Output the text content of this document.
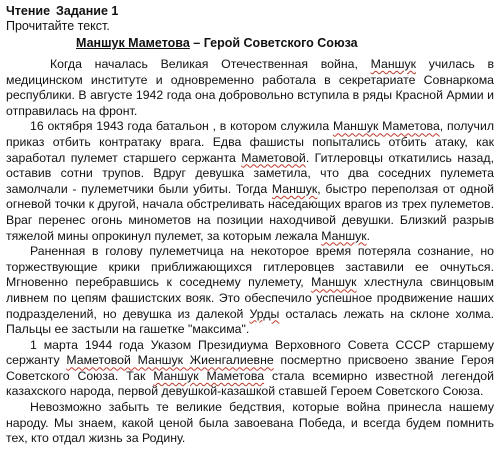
Чтение Задание 1

Прочитайте текст.

Маншук Маметова – Герой Советского Союза

Когда началась Великая Отечественная война, Маншук училась в медицинском институте и одновременно работала в секретариате Совнаркома республики. В августе 1942 года она добровольно вступила в ряды Красной Армии и отправилась на фронт.

16 октября 1943 года батальон , в котором служила Маншук Маметова, получил приказ отбить контратаку врага. Едва фашисты попытались отбить атаку, как заработал пулемет старшего сержанта Маметовой. Гитлеровцы откатились назад, оставив сотни трупов. Вдруг девушка заметила, что два соседних пулемета замолчали - пулеметчики были убиты. Тогда Маншук, быстро переползая от одной огневой точки к другой, начала обстреливать наседающих врагов из трех пулеметов. Враг перенес огонь минометов на позиции находчивой девушки. Близкий разрыв тяжелой мины опрокинул пулемет, за которым лежала Маншук.

Раненная в голову пулеметчица на некоторое время потеряла сознание, но торжествующие крики приближающихся гитлеровцев заставили ее очнуться. Мгновенно перебравшись к соседнему пулемету, Маншук хлестнула свинцовым ливнем по цепям фашистских вояк. Это обеспечило успешное продвижение наших подразделений, но девушка из далекой Урды осталась лежать на склоне холма. Пальцы ее застыли на гашетке "максима".

1 марта 1944 года Указом Президиума Верховного Совета СССР старшему сержанту Маметовой Маншук Жиенгалиевне посмертно присвоено звание Героя Советского Союза. Так Маншук Маметова стала всемирно известной легендой казахского народа, первой девушкой-казашкой ставшей Героем Советского Союза.

Невозможно забыть те великие бедствия, которые война принесла нашему народу. Мы знаем, какой ценой была завоевана Победа, и всегда будем помнить тех, кто отдал жизнь за Родину.
